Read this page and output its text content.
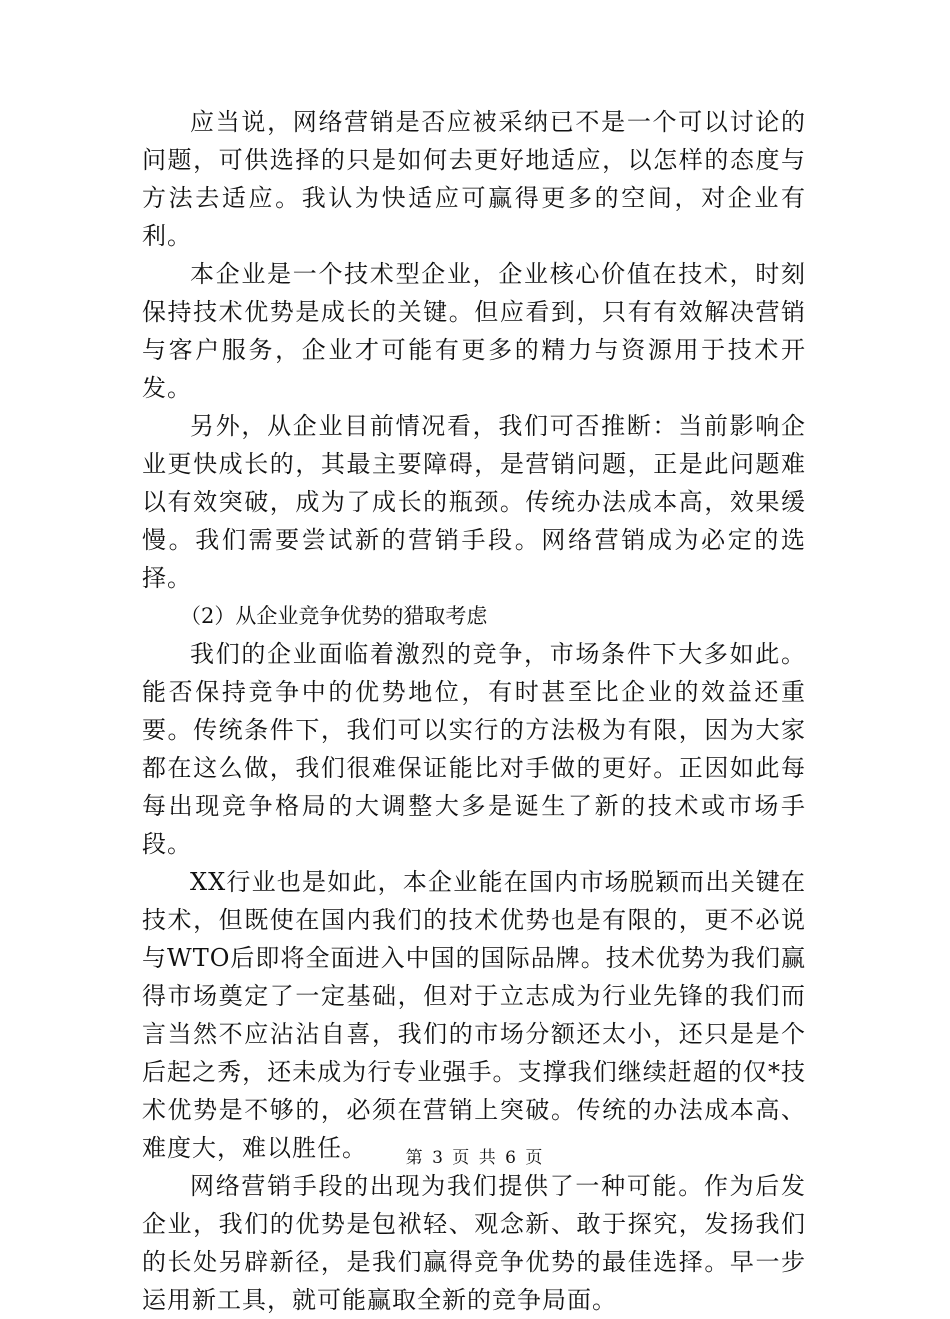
应当说，网络营销是否应被采纳已不是一个可以讨论的问题，可供选择的只是如何去更好地适应，以怎样的态度与方法去适应。我认为快适应可赢得更多的空间，对企业有利。

本企业是一个技术型企业，企业核心价值在技术，时刻保持技术优势是成长的关键。但应看到，只有有效解决营销与客户服务，企业才可能有更多的精力与资源用于技术开发。

另外，从企业目前情况看，我们可否推断：当前影响企业更快成长的，其最主要障碍，是营销问题，正是此问题难以有效突破，成为了成长的瓶颈。传统办法成本高，效果缓慢。我们需要尝试新的营销手段。网络营销成为必定的选择。

（2）从企业竞争优势的猎取考虑

我们的企业面临着激烈的竞争，市场条件下大多如此。能否保持竞争中的优势地位，有时甚至比企业的效益还重要。传统条件下，我们可以实行的方法极为有限，因为大家都在这么做，我们很难保证能比对手做的更好。正因如此每每出现竞争格局的大调整大多是诞生了新的技术或市场手段。

XX行业也是如此，本企业能在国内市场脱颖而出关键在技术，但既使在国内我们的技术优势也是有限的，更不必说与WTO后即将全面进入中国的国际品牌。技术优势为我们赢得市场奠定了一定基础，但对于立志成为行业先锋的我们而言当然不应沾沾自喜，我们的市场分额还太小，还只是是个后起之秀，还未成为行专业强手。支撑我们继续赶超的仅*技术优势是不够的，必须在营销上突破。传统的办法成本高、难度大，难以胜任。

网络营销手段的出现为我们提供了一种可能。作为后发企业，我们的优势是包袱轻、观念新、敢于探究，发扬我们的长处另辟新径，是我们赢得竞争优势的最佳选择。早一步运用新工具，就可能赢取全新的竞争局面。

第 3 页 共 6 页
